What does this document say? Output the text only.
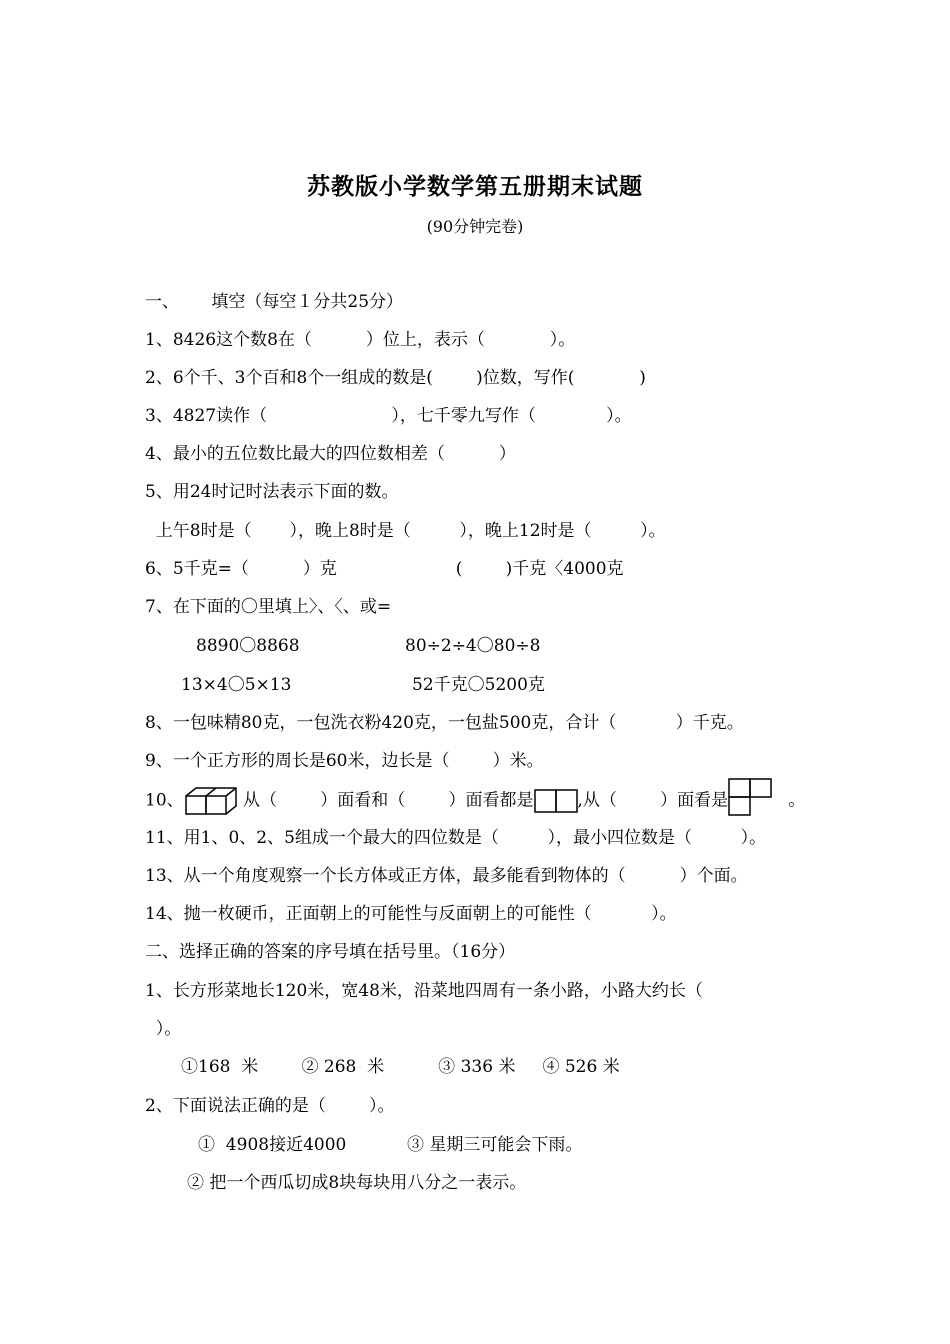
苏教版小学数学第五册期末试题
(90分钟完卷)
一、      填空（每空１分共25分）
1、8426这个数8在（          ）位上，表示（            ）。
2、6个千、3个百和8个一组成的数是(        )位数，写作(            )
3、4827读作（                       ），七千零九写作（             ）。
4、最小的五位数比最大的四位数相差（          ）
5、用24时记时法表示下面的数。
上午8时是（       ），晚上8时是（         ），晚上12时是（         ）。
6、5千克=（          ）克                      (        )千克〈4000克
7、在下面的〇里填上〉、〈、或=
8890〇8868	80÷2÷4〇80÷8
13×4〇5×13	52千克〇5200克
8、一包味精80克，一包洗衣粉420克，一包盐500克，合计（           ）千克。
9、一个正方形的周长是60米，边长是（        ）米。
10、	从（        ）面看和（        ）面看都是	,从（        ）面看是	。
11、用1、0、2、5组成一个最大的四位数是（         ），最小四位数是（         ）。
13、从一个角度观察一个长方体或正方体，最多能看到物体的（          ）个面。
14、抛一枚硬币，正面朝上的可能性与反面朝上的可能性（           ）。
二、选择正确的答案的序号填在括号里。（16分）
1、长方形菜地长120米，宽48米，沿菜地四周有一条小路，小路大约长（
）。
①168  米        ② 268  米          ③ 336 米     ④ 526 米
2、下面说法正确的是（        ）。
①  4908接近4000	③ 星期三可能会下雨。
② 把一个西瓜切成8块每块用八分之一表示。
